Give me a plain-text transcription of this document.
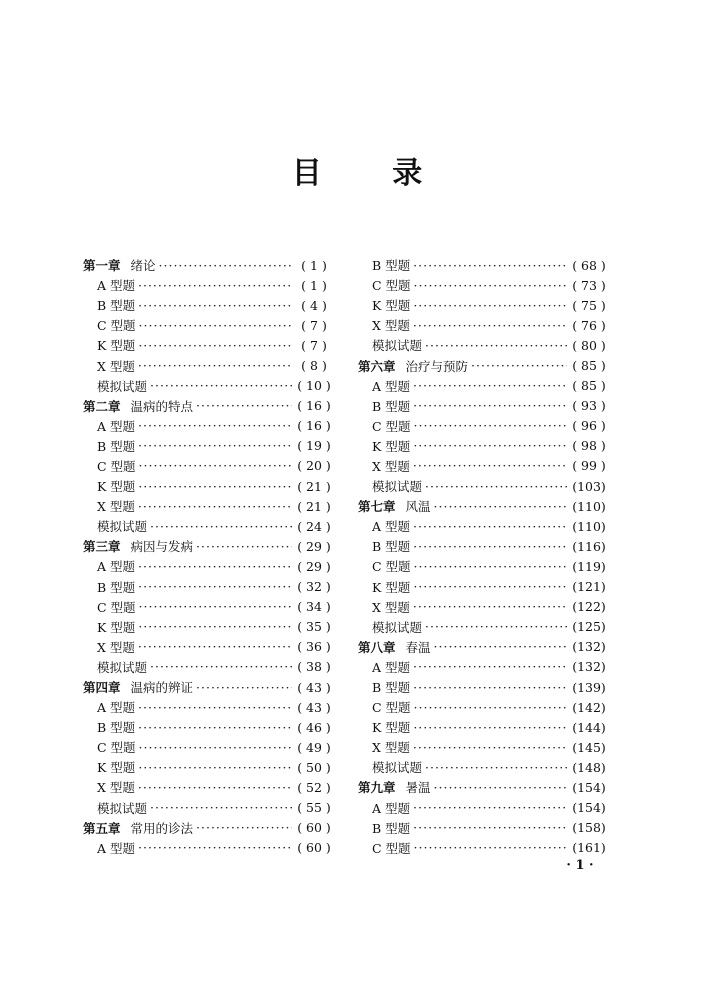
目 录
第一章 绪论 ·····	( 1 )
A 型题 ·····	( 1 )
B 型题 ·····	( 4 )
C 型题 ·····	( 7 )
K 型题 ·····	( 7 )
X 型题 ·····	( 8 )
模拟试题 ·····	( 10 )
第二章 温病的特点 ·····	( 16 )
A 型题 ·····	( 16 )
B 型题 ·····	( 19 )
C 型题 ·····	( 20 )
K 型题 ·····	( 21 )
X 型题 ·····	( 21 )
模拟试题 ·····	( 24 )
第三章 病因与发病 ·····	( 29 )
A 型题 ·····	( 29 )
B 型题 ·····	( 32 )
C 型题 ·····	( 34 )
K 型题 ·····	( 35 )
X 型题 ·····	( 36 )
模拟试题 ·····	( 38 )
第四章 温病的辨证 ·····	( 43 )
A 型题 ·····	( 43 )
B 型题 ·····	( 46 )
C 型题 ·····	( 49 )
K 型题 ·····	( 50 )
X 型题 ·····	( 52 )
模拟试题 ·····	( 55 )
第五章 常用的诊法 ·····	( 60 )
A 型题 ·····	( 60 )
B 型题 ·····	( 68 )
C 型题 ·····	( 73 )
K 型题 ·····	( 75 )
X 型题 ·····	( 76 )
模拟试题 ·····	( 80 )
第六章 治疗与预防 ·····	( 85 )
A 型题 ·····	( 85 )
B 型题 ·····	( 93 )
C 型题 ·····	( 96 )
K 型题 ·····	( 98 )
X 型题 ·····	( 99 )
模拟试题 ·····	(103)
第七章 风温 ·····	(110)
A 型题 ·····	(110)
B 型题 ·····	(116)
C 型题 ·····	(119)
K 型题 ·····	(121)
X 型题 ·····	(122)
模拟试题 ·····	(125)
第八章 春温 ·····	(132)
A 型题 ·····	(132)
B 型题 ·····	(139)
C 型题 ·····	(142)
K 型题 ·····	(144)
X 型题 ·····	(145)
模拟试题 ·····	(148)
第九章 暑温 ·····	(154)
A 型题 ·····	(154)
B 型题 ·····	(158)
C 型题 ·····	(161)
· 1 ·
